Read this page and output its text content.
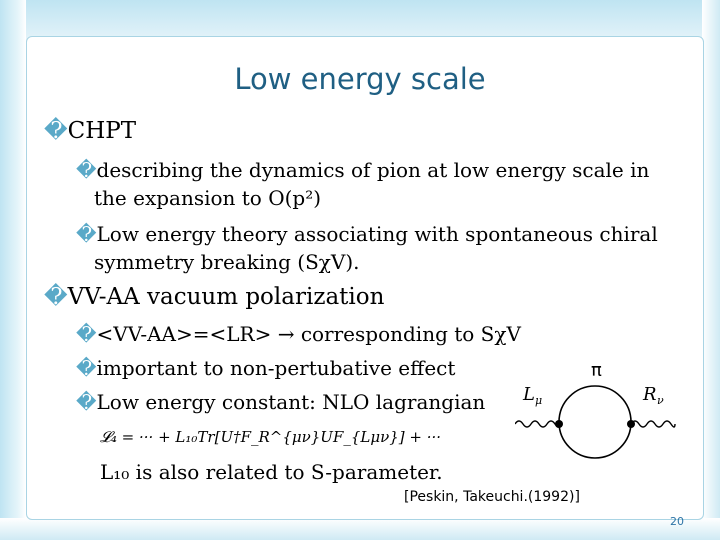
Low energy scale
�CHPT
�describing the dynamics of pion at low energy scale in
the expansion to O(p²)
�Low energy theory associating with spontaneous chiral
symmetry breaking (SχV).
�VV-AA vacuum polarization
�<VV-AA>=<LR> → corresponding to SχV
�important to non-pertubative effect
�Low energy constant: NLO lagrangian
𝓛₄ = ··· + L₁₀Tr[U†F_R^{μν}UF_{Lμν}] + ···
L₁₀ is also related to S-parameter.
π
L μ	R ν
[Peskin, Takeuchi.(1992)]
20
